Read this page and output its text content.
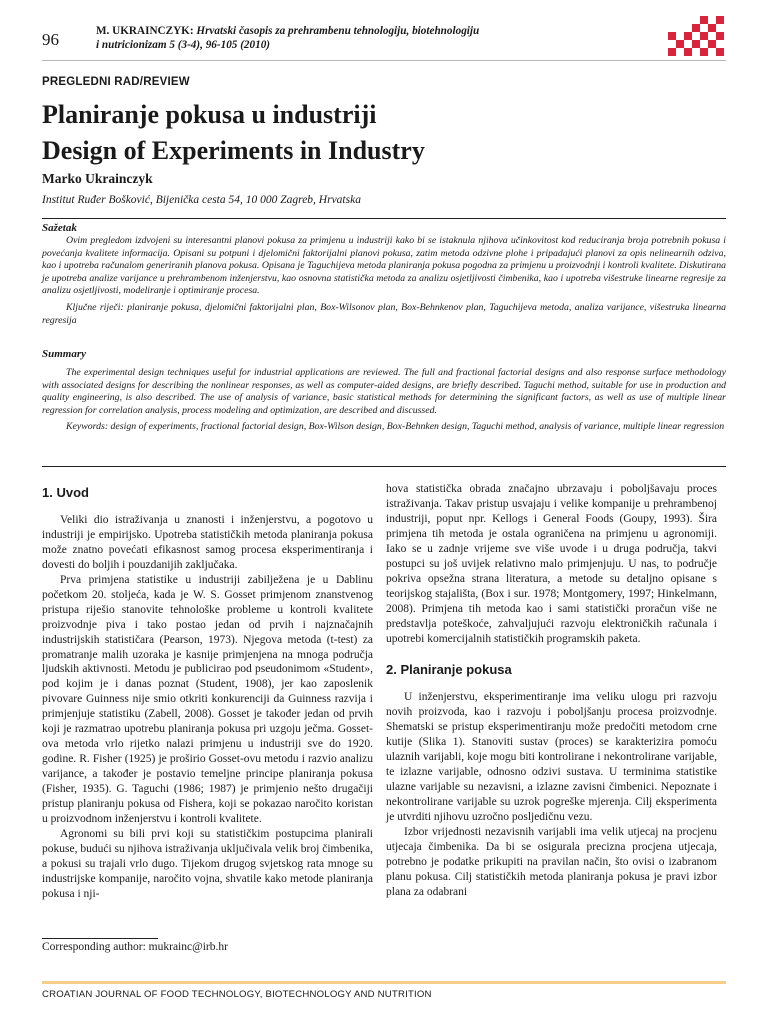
96	M. UKRAINCZYK: Hrvatski časopis za prehrambenu tehnologiju, biotehnologiju
i nutricionizam 5 (3-4), 96-105 (2010)
PREGLEDNI RAD/REVIEW
Planiranje pokusa u industriji
Design of Experiments in Industry
Marko Ukrainczyk
Institut Ruđer Bošković, Bijenička cesta 54, 10 000 Zagreb, Hrvatska
Sažetak

Ovim pregledom izdvojeni su interesantni planovi pokusa za primjenu u industriji kako bi se istaknula njihova učinkovitost kod reduciranja broja potrebnih pokusa i povećanja kvalitete informacija. Opisani su potpuni i djelomični faktorijalni planovi pokusa, zatim metoda odzivne plohe i pripadajući planovi za opis nelinearnih odziva, kao i upotreba računalom generiranih planova pokusa. Opisana je Taguchijeva metoda planiranja pokusa pogodna za primjenu u proizvodnji i kontroli kvalitete. Diskutirana je upotreba analize varijance u prehrambenom inženjerstvu, kao osnovna statistička metoda za analizu osjetljivosti čimbenika, kao i upotreba višestruke linearne regresije za analizu osjetljivosti, modeliranje i optimiranje procesa.

Ključne riječi: planiranje pokusa, djelomični faktorijalni plan, Box-Wilsonov plan, Box-Behnkenov plan, Taguchijeva metoda, analiza varijance, višestruka linearna regresija

Summary

The experimental design techniques useful for industrial applications are reviewed. The full and fractional factorial designs and also response surface methodology with associated designs for describing the nonlinear responses, as well as computer-aided designs, are briefly described. Taguchi method, suitable for use in production and quality engineering, is also described. The use of analysis of variance, basic statistical methods for determining the significant factors, as well as use of multiple linear regression for correlation analysis, process modeling and optimization, are described and discussed.

Keywords: design of experiments, fractional factorial design, Box-Wilson design, Box-Behnken design, Taguchi method, analysis of variance, multiple linear regression

1. Uvod

Veliki dio istraživanja u znanosti i inženjerstvu, a pogotovo u industriji je empirijsko. Upotreba statističkih metoda planiranja pokusa može znatno povećati efikasnost samog procesa eksperimentiranja i dovesti do boljih i pouzdanijih zaključaka.

Prva primjena statistike u industriji zabilježena je u Dablinu početkom 20. stoljeća, kada je W. S. Gosset primjenom znanstvenog pristupa riješio stanovite tehnološke probleme u kontroli kvalitete proizvodnje piva i tako postao jedan od prvih i najznačajnih industrijskih statističara (Pearson, 1973). Njegova metoda (t-test) za promatranje malih uzoraka je kasnije primjenjena na mnoga područja ljudskih aktivnosti. Metodu je publicirao pod pseudonimom «Student», pod kojim je i danas poznat (Student, 1908), jer kao zaposlenik pivovare Guinness nije smio otkriti konkurenciji da Guinness razvija i primjenjuje statistiku (Zabell, 2008). Gosset je također jedan od prvih koji je razmatrao upotrebu planiranja pokusa pri uzgoju ječma. Gosset-ova metoda vrlo rijetko nalazi primjenu u industriji sve do 1920. godine. R. Fisher (1925) je proširio Gosset-ovu metodu i razvio analizu varijance, a također je postavio temeljne principe planiranja pokusa (Fisher, 1935). G. Taguchi (1986; 1987) je primjenio nešto drugačiji pristup planiranju pokusa od Fishera, koji se pokazao naročito koristan u proizvodnom inženjerstvu i kontroli kvalitete.

Agronomi su bili prvi koji su statističkim postupcima planirali pokuse, budući su njihova istraživanja uključivala velik broj čimbenika, a pokusi su trajali vrlo dugo. Tijekom drugog svjetskog rata mnoge su industrijske kompanije, naročito vojna, shvatile kako metode planiranja pokusa i nji-

hova statistička obrada značajno ubrzavaju i poboljšavaju proces istraživanja. Takav pristup usvajaju i velike kompanije u prehrambenoj industriji, poput npr. Kellogs i General Foods (Goupy, 1993). Šira primjena tih metoda je ostala ograničena na primjenu u agronomiji. Iako se u zadnje vrijeme sve više uvode i u druga područja, takvi postupci su još uvijek relativno malo primjenjuju. U nas, to područje pokriva opsežna strana literatura, a metode su detaljno opisane s teorijskog stajališta, (Box i sur. 1978; Montgomery, 1997; Hinkelmann, 2008). Primjena tih metoda kao i sami statistički proračun više ne predstavlja poteškoće, zahvaljujući razvoju elektroničkih računala i upotrebi komercijalnih statističkih programskih paketa.

2. Planiranje pokusa

U inženjerstvu, eksperimentiranje ima veliku ulogu pri razvoju novih proizvoda, kao i razvoju i poboljšanju procesa proizvodnje. Shematski se pristup eksperimentiranju može predočiti metodom crne kutije (Slika 1). Stanoviti sustav (proces) se karakterizira pomoću ulaznih varijabli, koje mogu biti kontrolirane i nekontrolirane varijable, te izlazne varijable, odnosno odzivi sustava. U terminima statistike ulazne varijable su nezavisni, a izlazne zavisni čimbenici. Nepoznate i nekontrolirane varijable su uzrok pogreške mjerenja. Cilj eksperimenta je utvrditi njihovu uzročno posljedičnu vezu.

Izbor vrijednosti nezavisnih varijabli ima velik utjecaj na procjenu utjecaja čimbenika. Da bi se osigurala precizna procjena utjecaja, potrebno je podatke prikupiti na pravilan način, što ovisi o izabranom planu pokusa. Cilj statističkih metoda planiranja pokusa je pravi izbor plana za odabrani

Corresponding author: mukrainc@irb.hr
CROATIAN JOURNAL OF FOOD TECHNOLOGY, BIOTECHNOLOGY AND NUTRITION
